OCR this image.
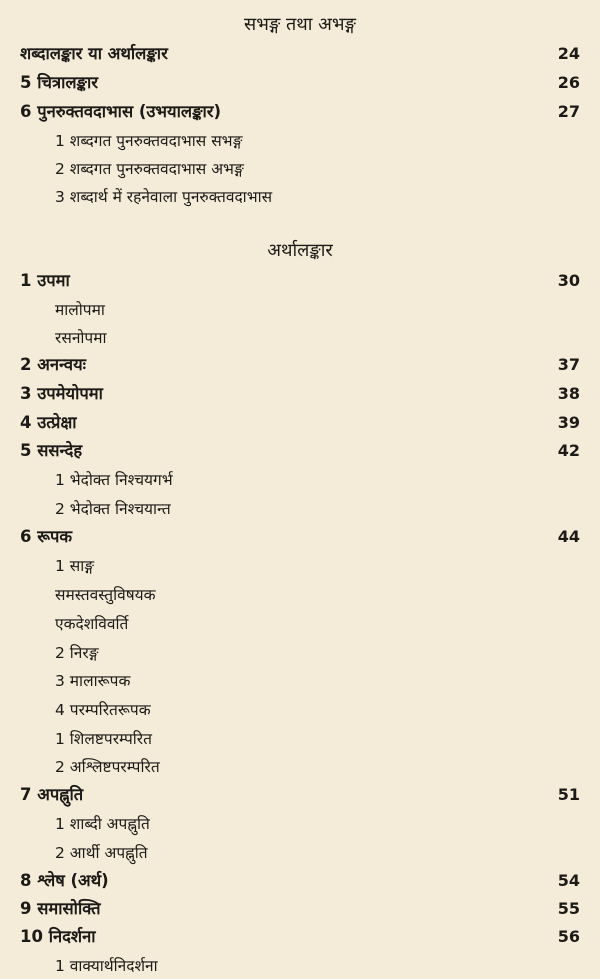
सभङ्ग तथा अभङ्ग
शब्दालङ्कार या अर्थालङ्कार	24
5 चित्रालङ्कार	26
6 पुनरुक्तवदाभास (उभयालङ्कार)	27
1 शब्दगत पुनरुक्तवदाभास सभङ्ग
2 शब्दगत पुनरुक्तवदाभास अभङ्ग
3 शब्दार्थ में रहनेवाला पुनरुक्तवदाभास
अर्थालङ्कार
1 उपमा	30
मालोपमा
रसनोपमा
2 अनन्वयः	37
3 उपमेयोपमा	38
4 उत्प्रेक्षा	39
5 ससन्देह	42
1 भेदोक्त निश्चयगर्भ
2 भेदोक्त निश्चयान्त
6 रूपक	44
1 साङ्ग
समस्तवस्तुविषयक
एकदेशविवर्ति
2 निरङ्ग
3 मालारूपक
4 परम्परितरूपक
1 शिलष्टपरम्परित
2 अश्लिष्टपरम्परित
7 अपह्नुति	51
1 शाब्दी अपह्नुति
2 आर्थी अपह्नुति
8 श्लेष (अर्थ)	54
9 समासोक्ति	55
10 निदर्शना	56
1 वाक्यार्थनिदर्शना
